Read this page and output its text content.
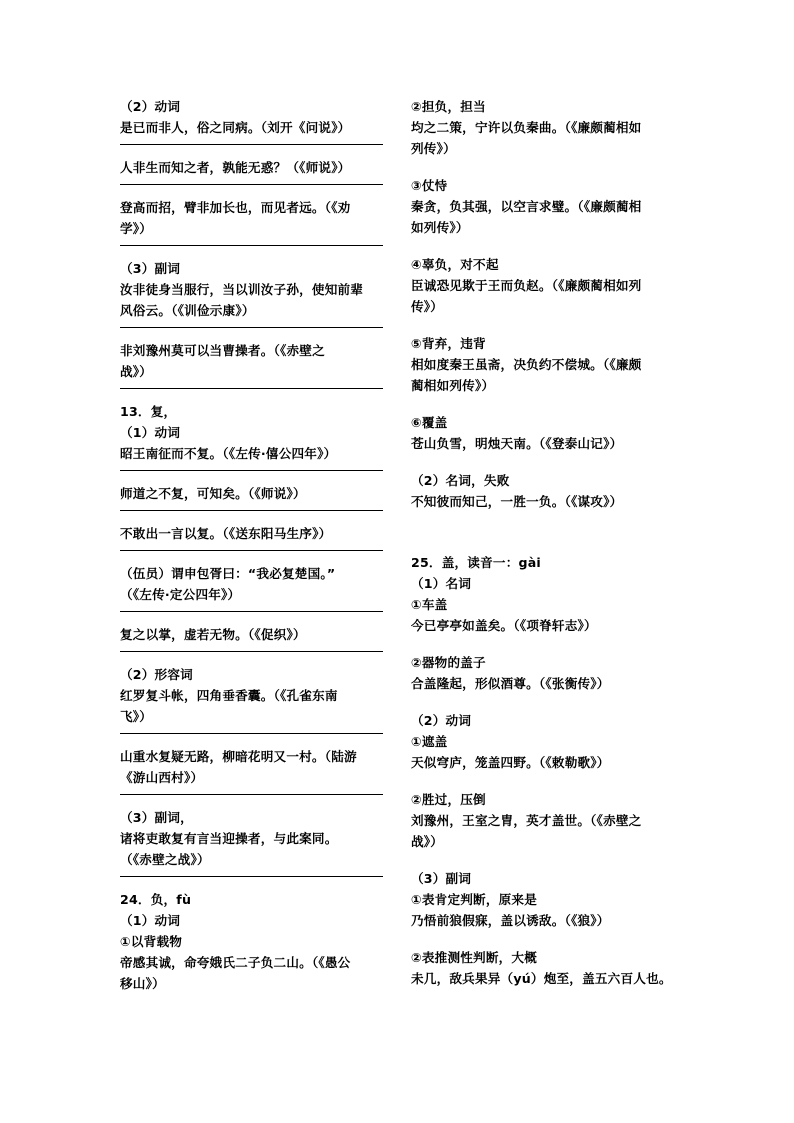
（2）动词
是已而非人，俗之同病。（刘开《问说》）
人非生而知之者，孰能无惑？（《师说》）
登高而招，臂非加长也，而见者远。（《劝
学》）
（3）副词
汝非徒身当服行，当以训汝子孙，使知前辈
风俗云。（《训俭示康》）
非刘豫州莫可以当曹操者。（《赤壁之
战》）
13．复，
（1）动词
昭王南征而不复。（《左传·僖公四年》）
师道之不复，可知矣。（《师说》）
不敢出一言以复。（《送东阳马生序》）
（伍员）谓申包胥曰：“我必复楚国。”
（《左传·定公四年》）
复之以掌，虚若无物。（《促织》）
（2）形容词
红罗复斗帐，四角垂香囊。（《孔雀东南
飞》）
山重水复疑无路，柳暗花明又一村。（陆游
《游山西村》）
（3）副词，
诸将吏敢复有言当迎操者，与此案同。
（《赤壁之战》）
24．负，fù
（1）动词
①以背载物
帝感其诚，命夸娥氏二子负二山。（《愚公
移山》）
②担负，担当
均之二策，宁许以负秦曲。（《廉颇蔺相如
列传》）
③仗恃
秦贪，负其强，以空言求璧。（《廉颇蔺相
如列传》）
④辜负，对不起
臣诚恐见欺于王而负赵。（《廉颇蔺相如列
传》）
⑤背弃，违背
相如度秦王虽斋，决负约不偿城。（《廉颇
蔺相如列传》）
⑥覆盖
苍山负雪，明烛天南。（《登泰山记》）
（2）名词，失败
不知彼而知己，一胜一负。（《谋攻》）
25．盖，读音一：gài
（1）名词
①车盖
今已亭亭如盖矣。（《项脊轩志》）
②器物的盖子
合盖隆起，形似酒尊。（《张衡传》）
（2）动词
①遮盖
天似穹庐，笼盖四野。（《敕勒歌》）
②胜过，压倒
刘豫州，王室之胄，英才盖世。（《赤壁之
战》）
（3）副词
①表肯定判断，原来是
乃悟前狼假寐，盖以诱敌。（《狼》）
②表推测性判断，大概
未几，敌兵果异（yú）炮至，盖五六百人也。
